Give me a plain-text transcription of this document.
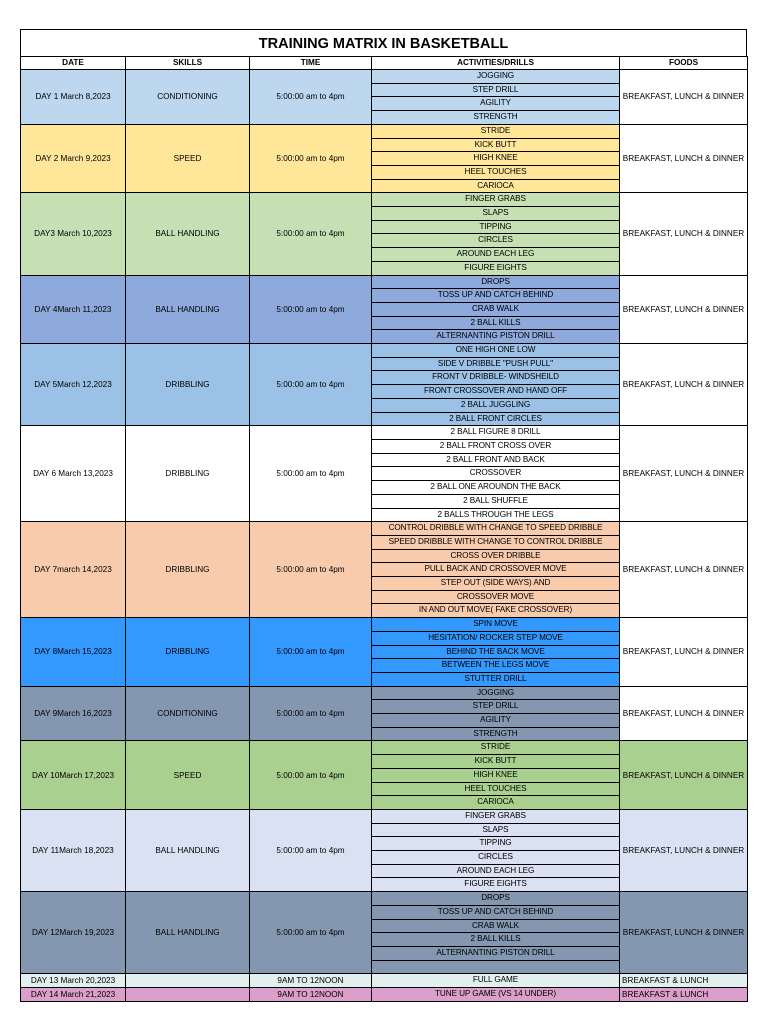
TRAINING MATRIX IN BASKETBALL
DATE	SKILLS	TIME	ACTIVITIES/DRILLS	FOODS
DAY 1 March 8,2023	CONDITIONING	5:00:00 am to 4pm	JOGGING	BREAKFAST, LUNCH & DINNER
			STEP DRILL	
			AGILITY	
			STRENGTH	
DAY 2 March 9,2023	SPEED	5:00:00 am to 4pm	STRIDE	BREAKFAST, LUNCH & DINNER
			KICK BUTT	
			HIGH KNEE	
			HEEL TOUCHES	
			CARIOCA	
DAY3 March 10,2023	BALL HANDLING	5:00:00 am to 4pm	FINGER GRABS	BREAKFAST, LUNCH & DINNER
			SLAPS	
			TIPPING	
			CIRCLES	
			AROUND EACH LEG	
			FIGURE EIGHTS	
DAY 4March 11,2023	BALL HANDLING	5:00:00 am to 4pm	DROPS	BREAKFAST, LUNCH & DINNER
			TOSS UP AND CATCH BEHIND	
			CRAB WALK	
			2 BALL KILLS	
			ALTERNANTING PISTON DRILL	
DAY 5March 12,2023	DRIBBLING	5:00:00 am to 4pm	ONE HIGH ONE LOW	BREAKFAST, LUNCH & DINNER
			SIDE V DRIBBLE "PUSH PULL"	
			FRONT V DRIBBLE- WINDSHEILD	
			FRONT CROSSOVER AND HAND OFF	
			2 BALL JUGGLING	
			2 BALL FRONT CIRCLES	
DAY 6 March 13,2023	DRIBBLING	5:00:00 am to 4pm	2 BALL FIGURE 8 DRILL	BREAKFAST, LUNCH & DINNER
			2 BALL FRONT CROSS OVER	
			2 BALL FRONT AND BACK	
			CROSSOVER	
			2 BALL ONE AROUNDN THE BACK	
			2 BALL SHUFFLE	
			2 BALLS THROUGH THE LEGS	
DAY 7march 14,2023	DRIBBLING	5:00:00 am to 4pm	CONTROL DRIBBLE WITH CHANGE TO SPEED DRIBBLE	BREAKFAST, LUNCH & DINNER
			SPEED DRIBBLE WITH CHANGE TO CONTROL DRIBBLE	
			CROSS OVER DRIBBLE	
			PULL BACK AND CROSSOVER MOVE	
			STEP OUT (SIDE WAYS) AND	
			CROSSOVER MOVE	
			IN AND OUT MOVE( FAKE CROSSOVER)	
DAY 8March 15,2023	DRIBBLING	5:00:00 am to 4pm	SPIN MOVE	BREAKFAST, LUNCH & DINNER
			HESITATION/ ROCKER STEP MOVE	
			BEHIND THE BACK MOVE	
			BETWEEN THE LEGS MOVE	
			STUTTER DRILL	
DAY 9March 16,2023	CONDITIONING	5:00:00 am to 4pm	JOGGING	BREAKFAST, LUNCH & DINNER
			STEP DRILL	
			AGILITY	
			STRENGTH	
DAY 10March 17,2023	SPEED	5:00:00 am to 4pm	STRIDE	BREAKFAST, LUNCH & DINNER
			KICK BUTT	
			HIGH KNEE	
			HEEL TOUCHES	
			CARIOCA	
DAY 11March 18,2023	BALL HANDLING	5:00:00 am to 4pm	FINGER GRABS	BREAKFAST, LUNCH & DINNER
			SLAPS	
			TIPPING	
			CIRCLES	
			AROUND EACH LEG	
			FIGURE EIGHTS	
DAY 12March 19,2023	BALL HANDLING	5:00:00 am to 4pm	DROPS	BREAKFAST, LUNCH & DINNER
			TOSS UP AND CATCH BEHIND	
			CRAB WALK	
			2 BALL KILLS	
			ALTERNANTING PISTON DRILL	

DAY 13 March 20,2023		9AM TO 12NOON	FULL GAME	BREAKFAST & LUNCH
DAY 14 March 21,2023		9AM TO 12NOON	TUNE UP GAME (VS 14 UNDER)	BREAKFAST & LUNCH
